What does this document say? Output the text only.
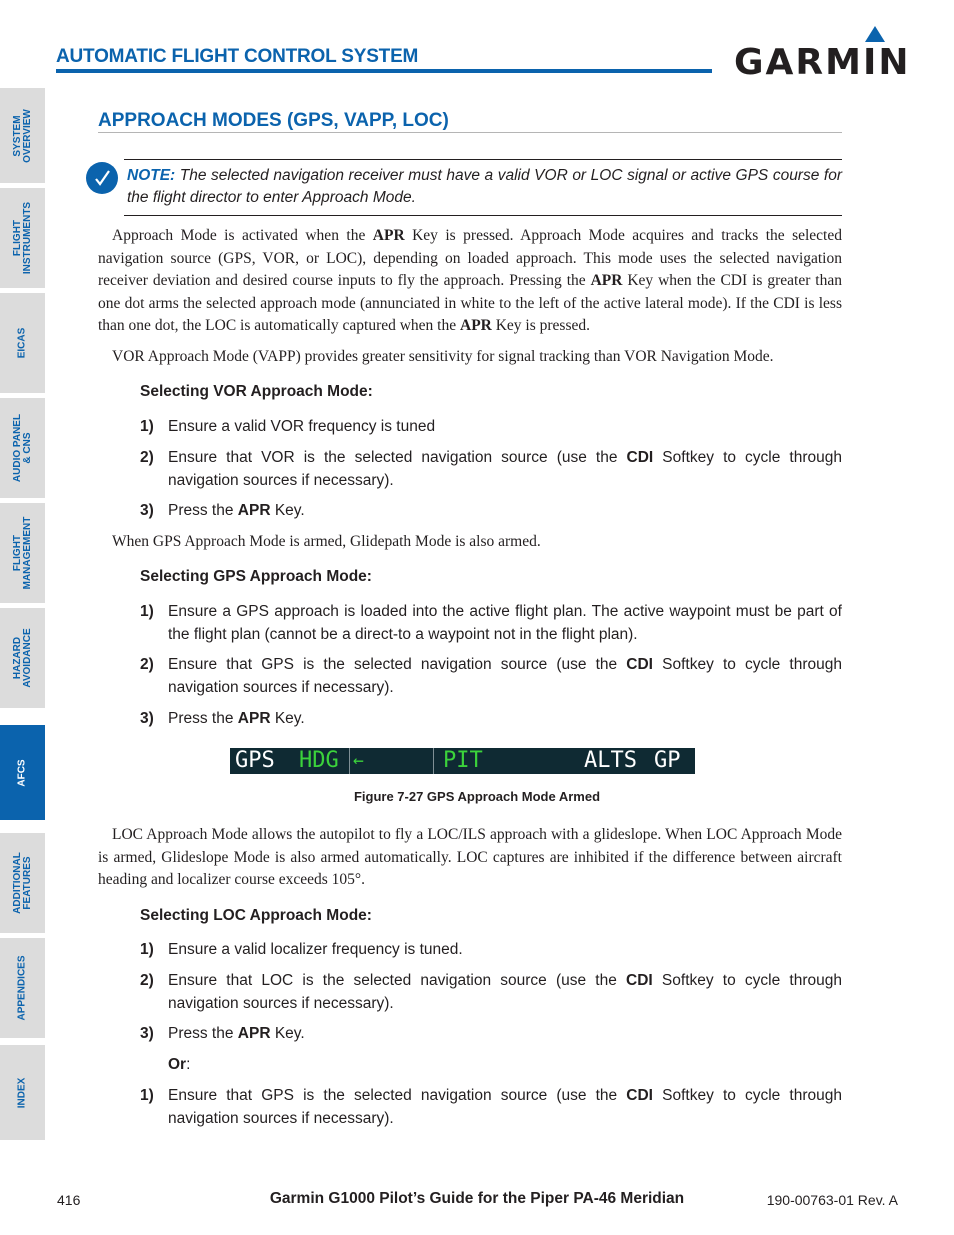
AUTOMATIC FLIGHT CONTROL SYSTEM	GARMIN
SYSTEM OVERVIEW
FLIGHT INSTRUMENTS
EICAS
AUDIO PANEL & CNS
FLIGHT MANAGEMENT
HAZARD AVOIDANCE
AFCS
ADDITIONAL FEATURES
APPENDICES
INDEX
APPROACH MODES (GPS, VAPP, LOC)
NOTE: The selected navigation receiver must have a valid VOR or LOC signal or active GPS course for the flight director to enter Approach Mode.
Approach Mode is activated when the APR Key is pressed. Approach Mode acquires and tracks the selected navigation source (GPS, VOR, or LOC), depending on loaded approach. This mode uses the selected navigation receiver deviation and desired course inputs to fly the approach. Pressing the APR Key when the CDI is greater than one dot arms the selected approach mode (annunciated in white to the left of the active lateral mode). If the CDI is less than one dot, the LOC is automatically captured when the APR Key is pressed.
VOR Approach Mode (VAPP) provides greater sensitivity for signal tracking than VOR Navigation Mode.
Selecting VOR Approach Mode:
1) Ensure a valid VOR frequency is tuned
2) Ensure that VOR is the selected navigation source (use the CDI Softkey to cycle through navigation sources if necessary).
3) Press the APR Key.
When GPS Approach Mode is armed, Glidepath Mode is also armed.
Selecting GPS Approach Mode:
1) Ensure a GPS approach is loaded into the active flight plan. The active waypoint must be part of the flight plan (cannot be a direct-to a waypoint not in the flight plan).
2) Ensure that GPS is the selected navigation source (use the CDI Softkey to cycle through navigation sources if necessary).
3) Press the APR Key.
GPS HDG ←	PIT	ALTS GP
Figure 7-27 GPS Approach Mode Armed
LOC Approach Mode allows the autopilot to fly a LOC/ILS approach with a glideslope. When LOC Approach Mode is armed, Glideslope Mode is also armed automatically. LOC captures are inhibited if the difference between aircraft heading and localizer course exceeds 105°.
Selecting LOC Approach Mode:
1) Ensure a valid localizer frequency is tuned.
2) Ensure that LOC is the selected navigation source (use the CDI Softkey to cycle through navigation sources if necessary).
3) Press the APR Key.
Or:
1) Ensure that GPS is the selected navigation source (use the CDI Softkey to cycle through navigation sources if necessary).
416	Garmin G1000 Pilot’s Guide for the Piper PA-46 Meridian	190-00763-01 Rev. A
